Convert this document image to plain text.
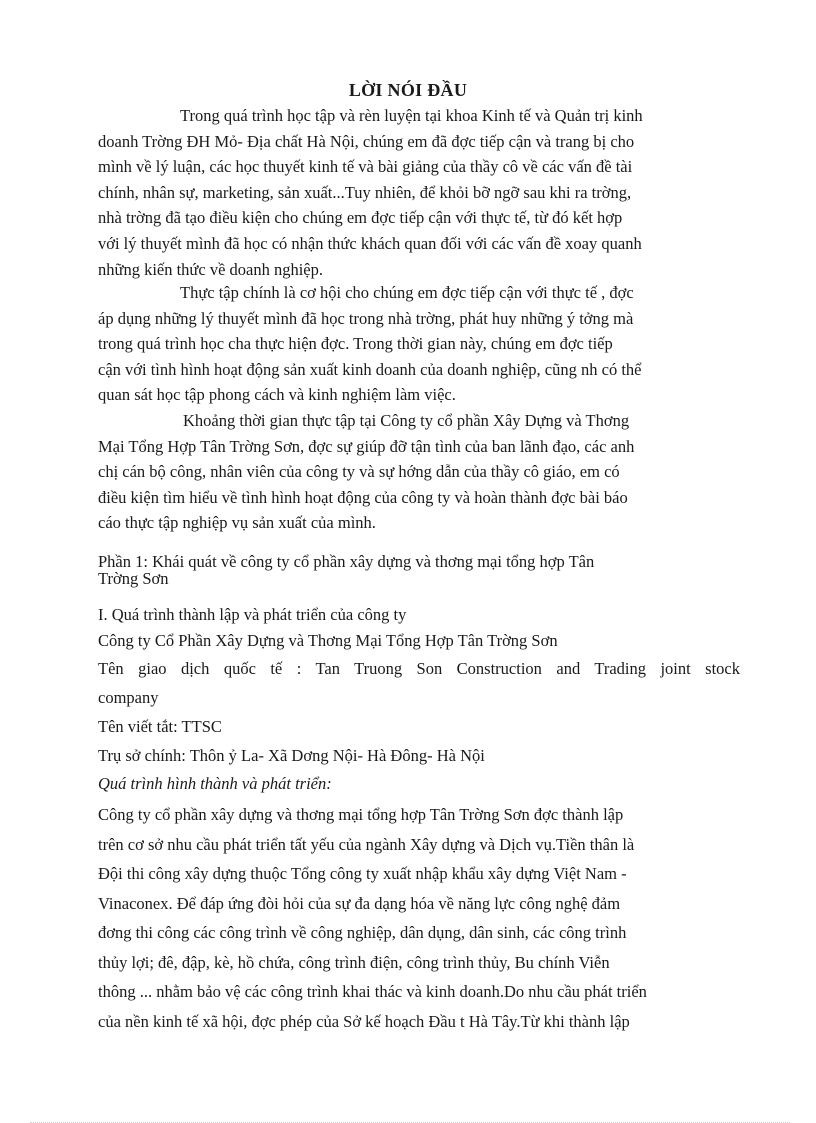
LỜI NÓI ĐẦU
Trong quá trình học tập và rèn luyện tại khoa Kinh tế và Quản trị kinh
doanh Trờng ĐH Mỏ- Địa chất Hà Nội, chúng em đã đợc tiếp cận và trang bị cho
mình về lý luận, các học thuyết kinh tế và bài giảng của thầy cô về các vấn đề tài
chính, nhân sự, marketing, sản xuất...Tuy nhiên, để khỏi bỡ ngỡ sau khi ra trờng,
nhà trờng đã tạo điều kiện cho chúng em đợc tiếp cận với thực tế, từ đó kết hợp
với lý thuyết mình đã học có nhận thức khách quan đối với các vấn đề xoay quanh
những kiến thức về doanh nghiệp.
Thực tập chính là cơ hội cho chúng em đợc tiếp cận với thực tế , đợc
áp dụng những lý thuyết mình đã học trong nhà trờng, phát huy những ý tởng mà
trong quá trình học cha thực hiện đợc. Trong thời gian này, chúng em đợc tiếp
cận với tình hình hoạt động sản xuất kinh doanh của doanh nghiệp, cũng nh có thể
quan sát học tập phong cách và kinh nghiệm làm việc.
Khoảng thời gian thực tập tại Công ty cổ phần Xây Dựng và Thơng
Mại Tổng Hợp Tân Trờng Sơn, đợc sự giúp đỡ tận tình của ban lãnh đạo, các anh
chị cán bộ công, nhân viên của công ty và sự hớng dẫn của thầy cô giáo, em có
điều kiện tìm hiểu về tình hình hoạt động của công ty và hoàn thành đợc bài báo
cáo thực tập nghiệp vụ sản xuất của mình.
Phần 1: Khái quát về công ty cổ phần xây dựng và thơng mại tổng hợp Tân
Trờng Sơn
I. Quá trình thành lập và phát triển của công ty
Công ty Cổ Phần Xây Dựng và Thơng Mại Tổng Hợp Tân Trờng Sơn
Tên giao dịch quốc tế : Tan Truong Son Construction and Trading joint stock
company
Tên viết tắt: TTSC
Trụ sở chính: Thôn ỷ La- Xã Dơng Nội- Hà Đông- Hà Nội
Quá trình hình thành và phát triển:
Công ty cổ phần xây dựng và thơng mại tổng hợp Tân Trờng Sơn đợc thành lập
trên cơ sở nhu cầu phát triển tất yếu của ngành Xây dựng và Dịch vụ.Tiền thân là
Đội thi công xây dựng thuộc Tổng công ty xuất nhập khẩu xây dựng Việt Nam -
Vinaconex. Để đáp ứng đòi hỏi của sự đa dạng hóa về năng lực công nghệ đảm
đơng thi công các công trình về công nghiệp, dân dụng, dân sinh, các công trình
thủy lợi; đê, đập, kè, hồ chứa, công trình điện, công trình thủy, Bu chính Viễn
thông ... nhằm bảo vệ các công trình khai thác và kinh doanh.Do nhu cầu phát triển
của nền kinh tế xã hội, đợc phép của Sở kế hoạch Đầu t Hà Tây.Từ khi thành lập
